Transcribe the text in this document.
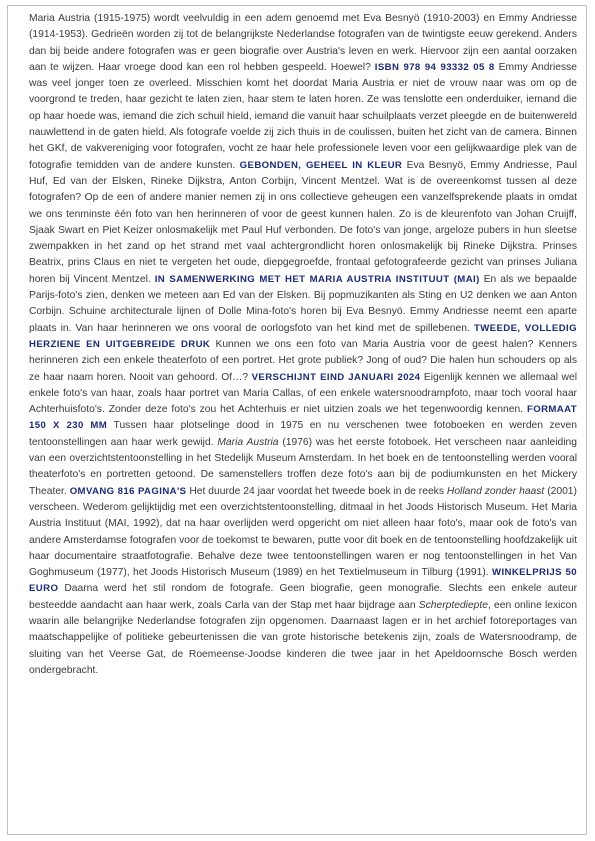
Maria Austria (1915-1975) wordt veelvuldig in een adem genoemd met Eva Besnyö (1910-2003) en Emmy Andriesse (1914-1953). Gedrieën worden zij tot de belangrijkste Nederlandse fotografen van de twintigste eeuw gerekend. Anders dan bij beide andere fotografen was er geen biografie over Austria's leven en werk. Hiervoor zijn een aantal oorzaken aan te wijzen. Haar vroege dood kan een rol hebben gespeeld. Hoewel? ISBN 978 94 93332 05 8 Emmy Andriesse was veel jonger toen ze overleed. Misschien komt het doordat Maria Austria er niet de vrouw naar was om op de voorgrond te treden, haar gezicht te laten zien, haar stem te laten horen. Ze was tenslotte een onderduiker, iemand die op haar hoede was, iemand die zich schuil hield, iemand die vanuit haar schuilplaats verzet pleegde en de buitenwereld nauwlettend in de gaten hield. Als fotografe voelde zij zich thuis in de coulissen, buiten het zicht van de camera. Binnen het GKf, de vakvereniging voor fotografen, vocht ze haar hele professionele leven voor een gelijkwaardige plek van de fotografie temidden van de andere kunsten. GEBONDEN, GEHEEL IN KLEUR Eva Besnyö, Emmy Andriesse, Paul Huf, Ed van der Elsken, Rineke Dijkstra, Anton Corbijn, Vincent Mentzel. Wat is de overeenkomst tussen al deze fotografen? Op de een of andere manier nemen zij in ons collectieve geheugen een vanzelfsprekende plaats in omdat we ons tenminste één foto van hen herinneren of voor de geest kunnen halen. Zo is de kleurenfoto van Johan Cruijff, Sjaak Swart en Piet Keizer onlosmakelijk met Paul Huf verbonden. De foto's van jonge, argeloze pubers in hun sleetse zwempakken in het zand op het strand met vaal achtergrondlicht horen onlosmakelijk bij Rineke Dijkstra. Prinses Beatrix, prins Claus en niet te vergeten het oude, diepgegroefde, frontaal gefotografeerde gezicht van prinses Juliana horen bij Vincent Mentzel. IN SAMENWERKING MET HET MARIA AUSTRIA INSTITUUT (MAI) En als we bepaalde Parijs-foto's zien, denken we meteen aan Ed van der Elsken. Bij popmuzikanten als Sting en U2 denken we aan Anton Corbijn. Schuine architecturale lijnen of Dolle Mina-foto's horen bij Eva Besnyö. Emmy Andriesse neemt een aparte plaats in. Van haar herinneren we ons vooral de oorlogsfoto van het kind met de spillebenen. TWEEDE, VOLLEDIG HERZIENE EN UITGEBREIDE DRUK Kunnen we ons een foto van Maria Austria voor de geest halen? Kenners herinneren zich een enkele theaterfoto of een portret. Het grote publiek? Jong of oud? Die halen hun schouders op als ze haar naam horen. Nooit van gehoord. Of…? VERSCHIJNT EIND JANUARI 2024 Eigenlijk kennen we allemaal wel enkele foto's van haar, zoals haar portret van Maria Callas, of een enkele watersnoodrampfoto, maar toch vooral haar Achterhuisfoto's. Zonder deze foto's zou het Achterhuis er niet uitzien zoals we het tegenwoordig kennen. FORMAAT 150 X 230 MM Tussen haar plotselinge dood in 1975 en nu verschenen twee fotoboeken en werden zeven tentoonstellingen aan haar werk gewijd. Maria Austria (1976) was het eerste fotoboek. Het verscheen naar aanleiding van een overzichtstentoonstelling in het Stedelijk Museum Amsterdam. In het boek en de tentoonstelling werden vooral theaterfoto's en portretten getoond. De samenstellers troffen deze foto's aan bij de podiumkunsten en het Mickery Theater. OMVANG 816 PAGINA'S Het duurde 24 jaar voordat het tweede boek in de reeks Holland zonder haast (2001) verscheen. Wederom gelijktijdig met een overzichtstentoonstelling, ditmaal in het Joods Historisch Museum. Het Maria Austria Instituut (MAI, 1992), dat na haar overlijden werd opgericht om niet alleen haar foto's, maar ook de foto's van andere Amsterdamse fotografen voor de toekomst te bewaren, putte voor dit boek en de tentoonstelling hoofdzakelijk uit haar documentaire straatfotografie. Behalve deze twee tentoonstellingen waren er nog tentoonstellingen in het Van Goghmuseum (1977), het Joods Historisch Museum (1989) en het Textielmuseum in Tilburg (1991). WINKELPRIJS 50 EURO Daarna werd het stil rondom de fotografe. Geen biografie, geen monografie. Slechts een enkele auteur besteedde aandacht aan haar werk, zoals Carla van der Stap met haar bijdrage aan Scherptediepte, een online lexicon waarin alle belangrijke Nederlandse fotografen zijn opgenomen. Daarnaast lagen er in het archief fotoreportages van maatschappelijke of politieke gebeurtenissen die van grote historische betekenis zijn, zoals de Watersnoodramp, de sluiting van het Veerse Gat, de Roemeense-Joodse kinderen die twee jaar in het Apeldoornsche Bosch werden ondergebracht.
